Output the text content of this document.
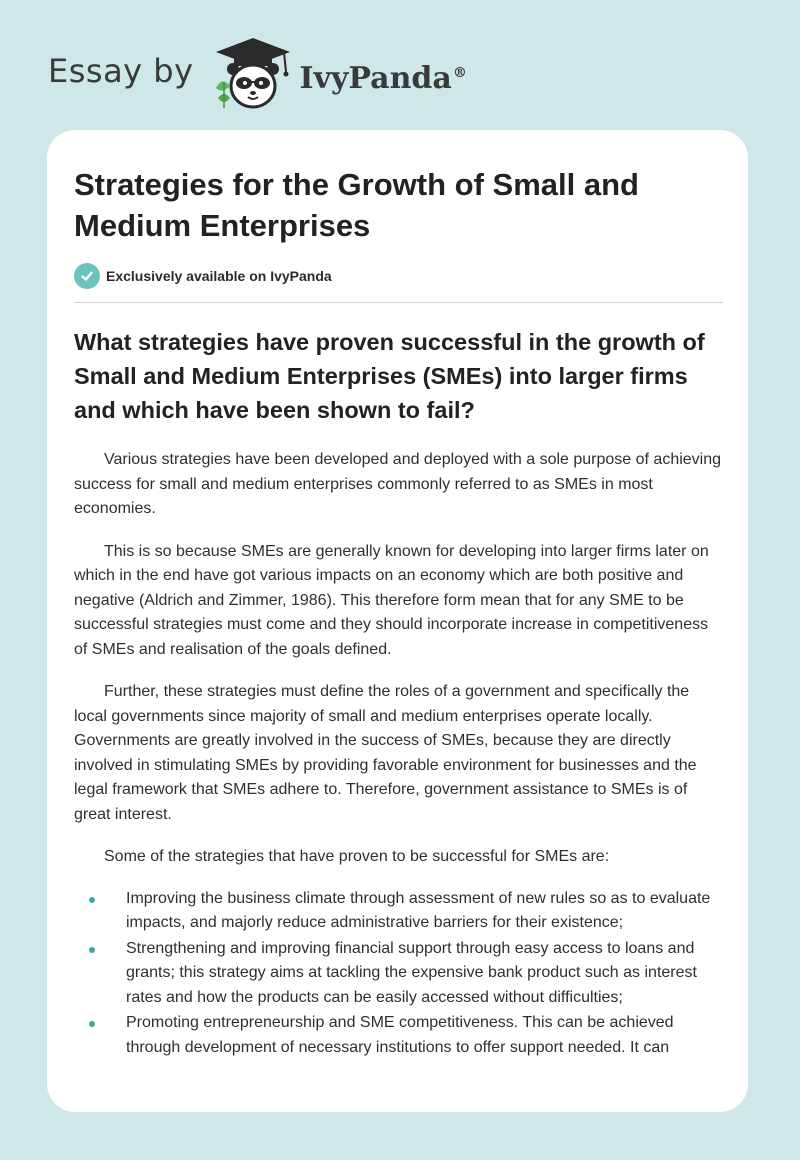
Essay by	IvyPanda®
Strategies for the Growth of Small and Medium Enterprises
Exclusively available on IvyPanda
What strategies have proven successful in the growth of Small and Medium Enterprises (SMEs) into larger firms and which have been shown to fail?

Various strategies have been developed and deployed with a sole purpose of achieving success for small and medium enterprises commonly referred to as SMEs in most economies.

This is so because SMEs are generally known for developing into larger firms later on which in the end have got various impacts on an economy which are both positive and negative (Aldrich and Zimmer, 1986). This therefore form mean that for any SME to be successful strategies must come and they should incorporate increase in competitiveness of SMEs and realisation of the goals defined.

Further, these strategies must define the roles of a government and specifically the local governments since majority of small and medium enterprises operate locally. Governments are greatly involved in the success of SMEs, because they are directly involved in stimulating SMEs by providing favorable environment for businesses and the legal framework that SMEs adhere to. Therefore, government assistance to SMEs is of great interest.

Some of the strategies that have proven to be successful for SMEs are:

Improving the business climate through assessment of new rules so as to evaluate impacts, and majorly reduce administrative barriers for their existence;
Strengthening and improving financial support through easy access to loans and grants; this strategy aims at tackling the expensive bank product such as interest rates and how the products can be easily accessed without difficulties;
Promoting entrepreneurship and SME competitiveness. This can be achieved through development of necessary institutions to offer support needed. It can
